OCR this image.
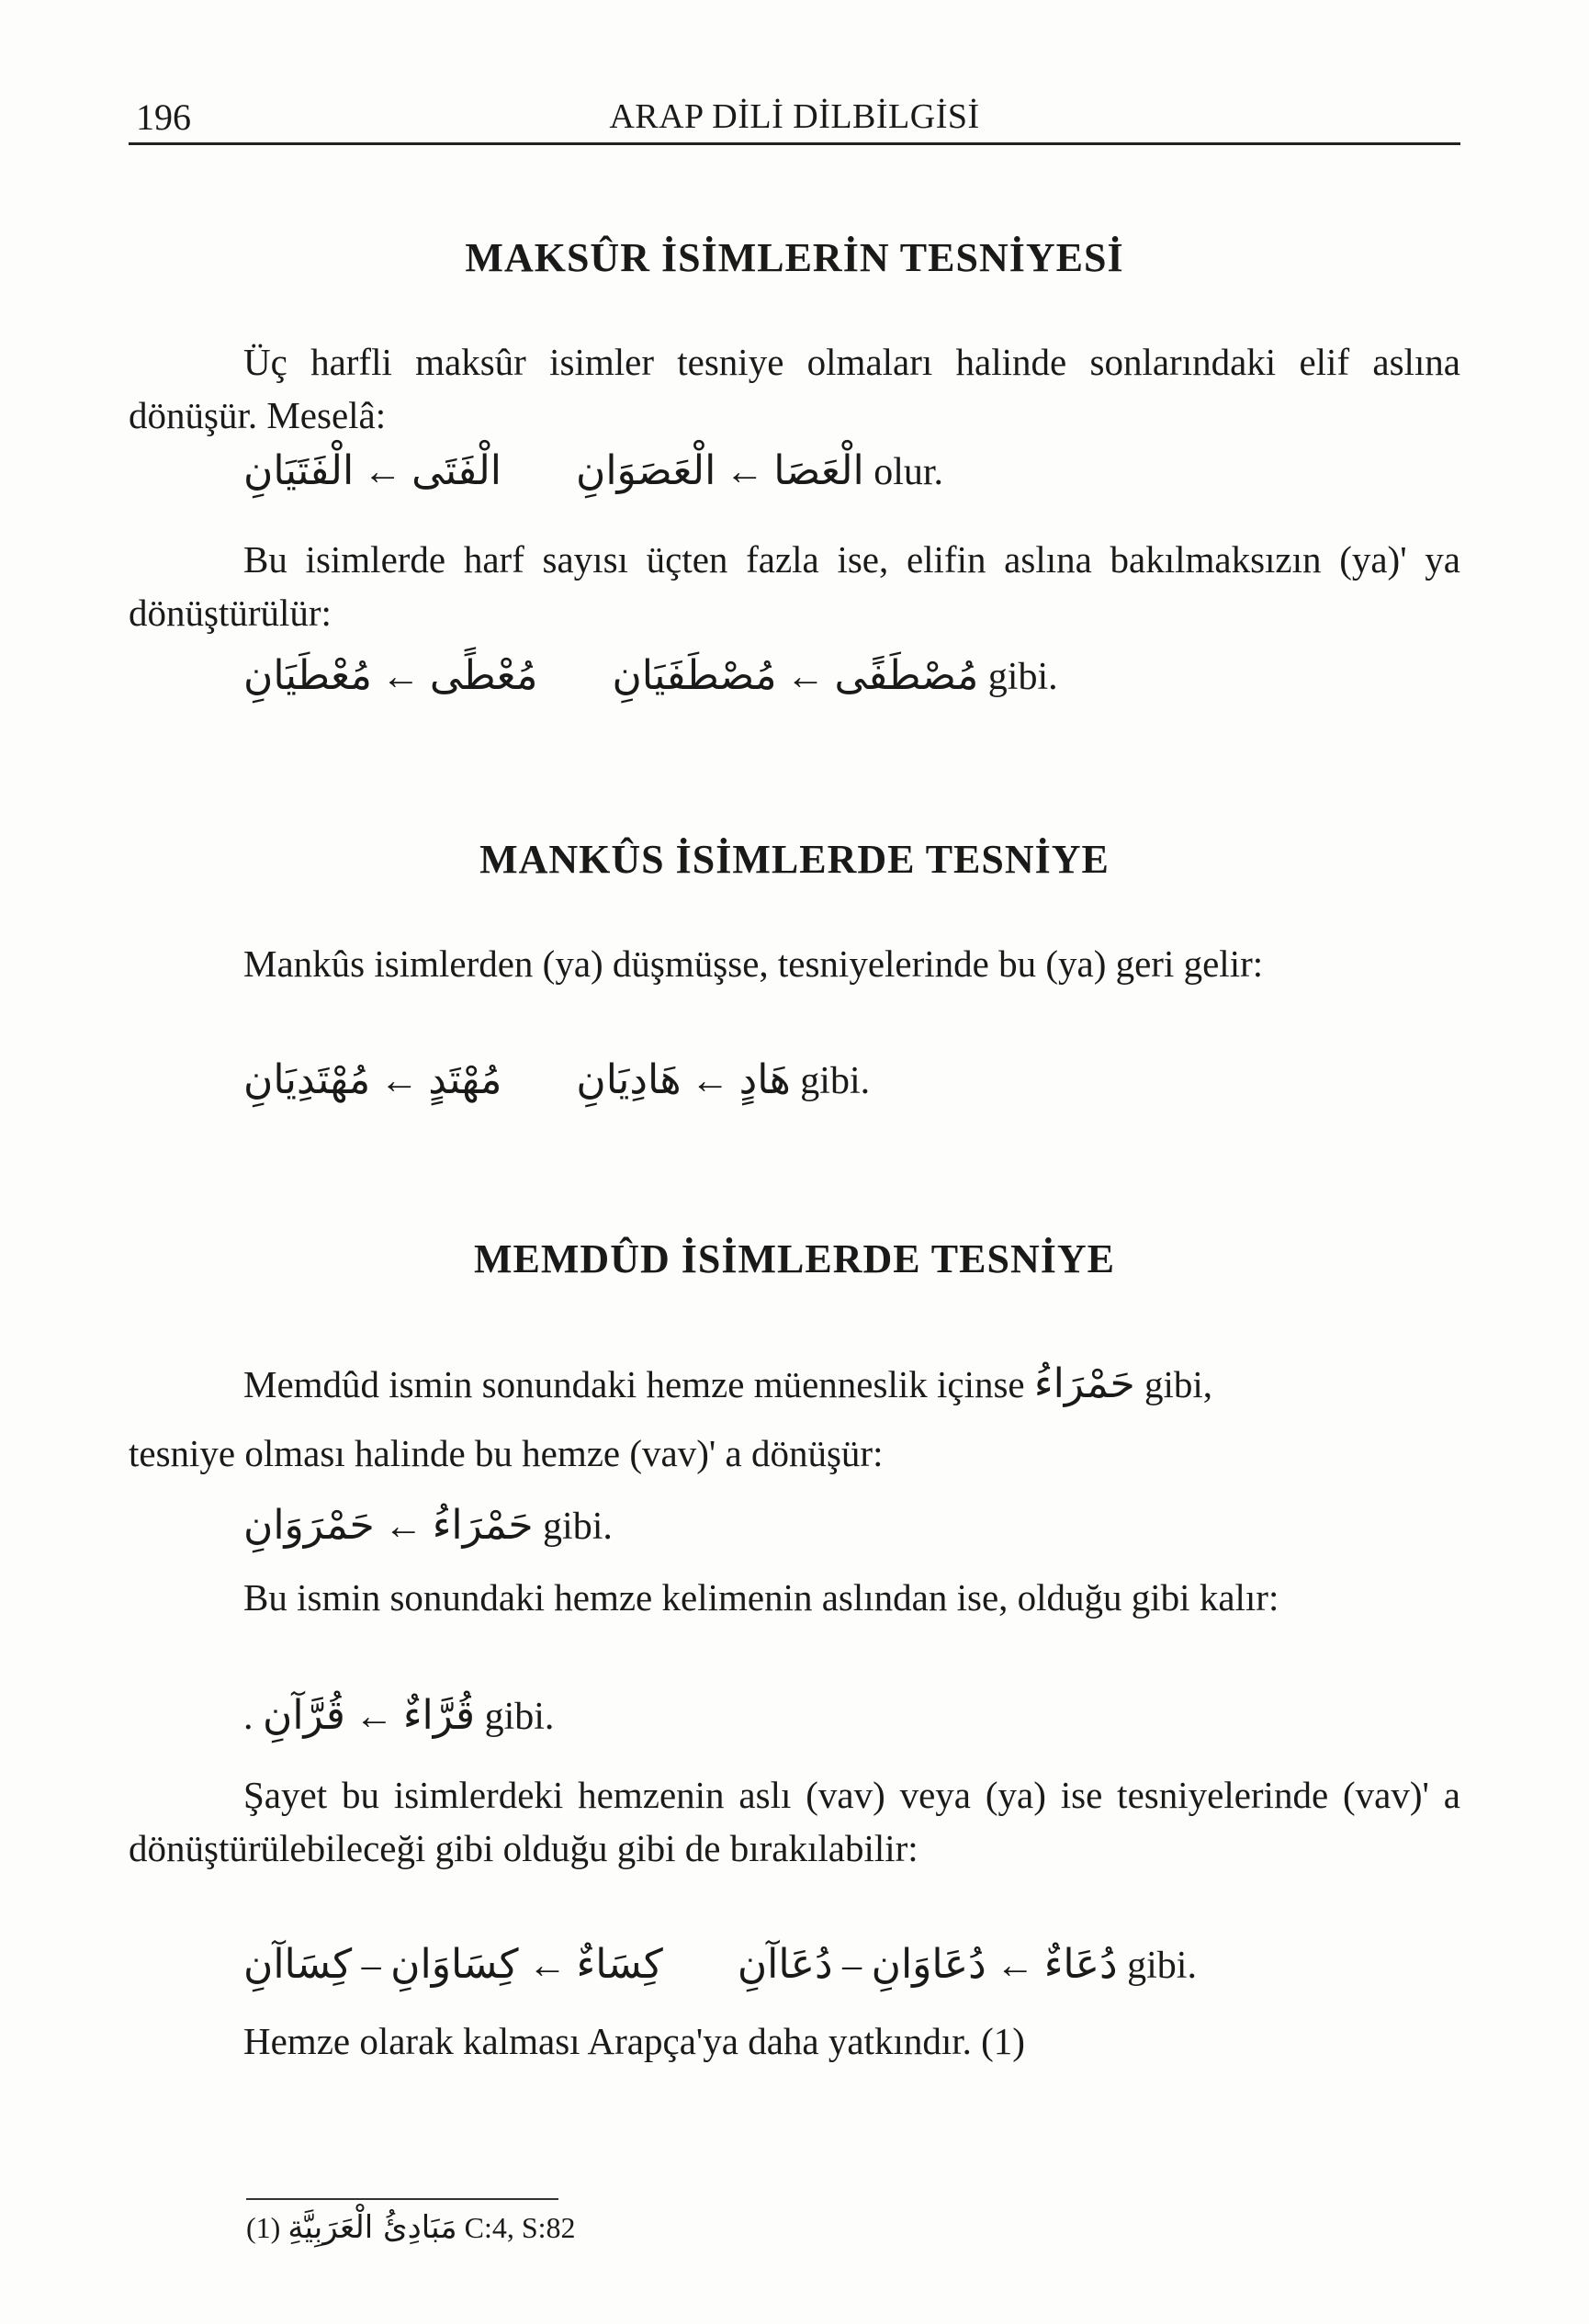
196	ARAP DİLİ DİLBİLGİSİ
MAKSÛR İSİMLERİN TESNİYESİ
Üç harfli maksûr isimler tesniye olmaları halinde sonlarındaki elif aslına dönüşür. Meselâ:
الْفَتَيَانِ ← الْفَتَى الْعَصَوَانِ ← الْعَصَا olur.
Bu isimlerde harf sayısı üçten fazla ise, elifin aslına bakılmaksızın (ya)' ya dönüştürülür:
مُعْطَيَانِ ← مُعْطًى مُصْطَفَيَانِ ← مُصْطَفًى gibi.
MANKÛS İSİMLERDE TESNİYE
Mankûs isimlerden (ya) düşmüşse, tesniyelerinde bu (ya) geri gelir:
مُهْتَدِيَانِ ← مُهْتَدٍ هَادِيَانِ ← هَادٍ gibi.
MEMDÛD İSİMLERDE TESNİYE
Memdûd ismin sonundaki hemze müenneslik içinse حَمْرَاءُ gibi,
tesniye olması halinde bu hemze (vav)' a dönüşür:
حَمْرَوَانِ ← حَمْرَاءُ gibi.
Bu ismin sonundaki hemze kelimenin aslından ise, olduğu gibi kalır:
. قُرَّآنِ ← قُرَّاءٌ gibi.
Şayet bu isimlerdeki hemzenin aslı (vav) veya (ya) ise tesniyelerinde (vav)' a dönüştürülebileceği gibi olduğu gibi de bırakılabilir:
كِسَاآنِ – كِسَاوَانِ ← كِسَاءٌ دُعَاآنِ – دُعَاوَانِ ← دُعَاءٌ gibi.
Hemze olarak kalması Arapça'ya daha yatkındır. (1)
(1) مَبَادِئُ الْعَرَبِيَّةِ C:4, S:82
